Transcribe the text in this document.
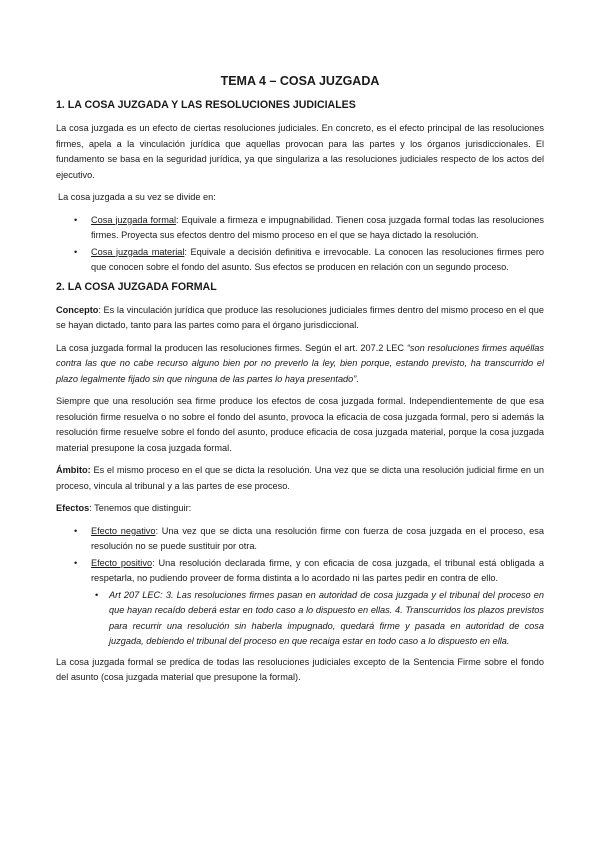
TEMA 4 – COSA JUZGADA
1. LA COSA JUZGADA Y LAS RESOLUCIONES JUDICIALES

La cosa juzgada es un efecto de ciertas resoluciones judiciales. En concreto, es el efecto principal de las resoluciones firmes, apela a la vinculación jurídica que aquellas provocan para las partes y los órganos jurisdiccionales. El fundamento se basa en la seguridad jurídica, ya que singulariza a las resoluciones judiciales respecto de los actos del ejecutivo.

La cosa juzgada a su vez se divide en:

• Cosa juzgada formal: Equivale a firmeza e impugnabilidad. Tienen cosa juzgada formal todas las resoluciones firmes. Proyecta sus efectos dentro del mismo proceso en el que se haya dictado la resolución.
• Cosa juzgada material: Equivale a decisión definitiva e irrevocable. La conocen las resoluciones firmes pero que conocen sobre el fondo del asunto. Sus efectos se producen en relación con un segundo proceso.
2. LA COSA JUZGADA FORMAL

Concepto: Es la vinculación jurídica que produce las resoluciones judiciales firmes dentro del mismo proceso en el que se hayan dictado, tanto para las partes como para el órgano jurisdiccional.

La cosa juzgada formal la producen las resoluciones firmes. Según el art. 207.2 LEC “son resoluciones firmes aquéllas contra las que no cabe recurso alguno bien por no preverlo la ley, bien porque, estando previsto, ha transcurrido el plazo legalmente fijado sin que ninguna de las partes lo haya presentado”.

Siempre que una resolución sea firme produce los efectos de cosa juzgada formal. Independientemente de que esa resolución firme resuelva o no sobre el fondo del asunto, provoca la eficacia de cosa juzgada formal, pero si además la resolución firme resuelve sobre el fondo del asunto, produce eficacia de cosa juzgada material, porque la cosa juzgada material presupone la cosa juzgada formal.

Ámbito: Es el mismo proceso en el que se dicta la resolución. Una vez que se dicta una resolución judicial firme en un proceso, vincula al tribunal y a las partes de ese proceso.

Efectos: Tenemos que distinguir:

• Efecto negativo: Una vez que se dicta una resolución firme con fuerza de cosa juzgada en el proceso, esa resolución no se puede sustituir por otra.
• Efecto positivo: Una resolución declarada firme, y con eficacia de cosa juzgada, el tribunal está obligada a respetarla, no pudiendo proveer de forma distinta a lo acordado ni las partes pedir en contra de ello.
• Art 207 LEC: 3. Las resoluciones firmes pasan en autoridad de cosa juzgada y el tribunal del proceso en que hayan recaído deberá estar en todo caso a lo dispuesto en ellas. 4. Transcurridos los plazos previstos para recurrir una resolución sin haberla impugnado, quedará firme y pasada en autoridad de cosa juzgada, debiendo el tribunal del proceso en que recaiga estar en todo caso a lo dispuesto en ella.

La cosa juzgada formal se predica de todas las resoluciones judiciales excepto de la Sentencia Firme sobre el fondo del asunto (cosa juzgada material que presupone la formal).
